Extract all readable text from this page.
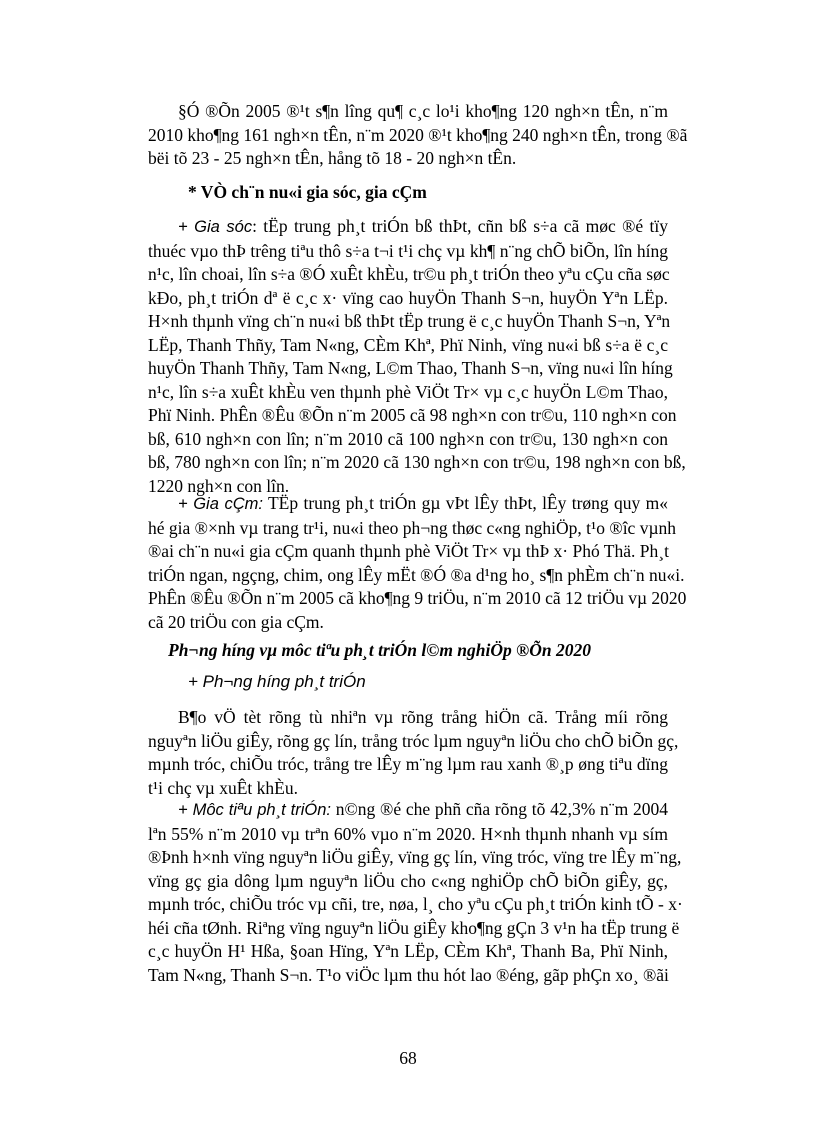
§Ó ®Õn 2005 ®¹t s¶n lîng qu¶ c¸c lo¹i kho¶ng 120 ngh×n tÊn, n¨m
2010 kho¶ng 161 ngh×n tÊn, n¨m 2020 ®¹t kho¶ng 240 ngh×n tÊn, trong ®ã
bëi tõ 23 - 25 ngh×n tÊn, hång tõ 18 - 20 ngh×n tÊn.

* VÒ ch¨n nu«i gia sóc, gia cÇm

+ Gia sóc: tËp trung ph¸t triÓn bß thÞt, cñn bß s÷a cã møc ®é tïy
thuéc vµo thÞ trêng tiªu thô s÷a t¬i t¹i chç vµ kh¶ n¨ng chÕ biÕn, lîn híng
n¹c, lîn choai, lîn s÷a ®Ó xuÊt khÈu, tr©u ph¸t triÓn theo yªu cÇu cña søc
kÐo, ph¸t triÓn dª ë c¸c x· vïng cao huyÖn Thanh S¬n, huyÖn Yªn LËp.
H×nh thµnh vïng ch¨n nu«i bß thÞt tËp trung ë c¸c huyÖn Thanh S¬n, Yªn
LËp, Thanh Thñy, Tam N«ng, CÈm Khª, Phï Ninh, vïng nu«i bß s÷a ë c¸c
huyÖn Thanh Thñy, Tam N«ng, L©m Thao, Thanh S¬n, vïng nu«i lîn híng
n¹c, lîn s÷a xuÊt khÈu ven thµnh phè ViÖt Tr× vµ c¸c huyÖn L©m Thao,
Phï Ninh. PhÊn ®Êu ®Õn n¨m 2005 cã 98 ngh×n con tr©u, 110 ngh×n con
bß, 610 ngh×n con lîn; n¨m 2010 cã 100 ngh×n con tr©u, 130 ngh×n con
bß, 780 ngh×n con lîn; n¨m 2020 cã 130 ngh×n con tr©u, 198 ngh×n con bß,
1220 ngh×n con lîn.

+ Gia cÇm: TËp trung ph¸t triÓn gµ vÞt lÊy thÞt, lÊy trøng quy m«
hé gia ®×nh vµ trang tr¹i, nu«i theo ph¬ng thøc c«ng nghiÖp, t¹o ®îc vµnh
®ai ch¨n nu«i gia cÇm quanh thµnh phè ViÖt Tr× vµ thÞ x· Phó Thä. Ph¸t
triÓn ngan, ngçng, chim, ong lÊy mËt ®Ó ®a d¹ng ho¸ s¶n phÈm ch¨n nu«i.
PhÊn ®Êu ®Õn n¨m 2005 cã kho¶ng 9 triÖu, n¨m 2010 cã 12 triÖu vµ 2020
cã 20 triÖu con gia cÇm.

Ph¬ng híng vµ môc tiªu ph¸t triÓn l©m nghiÖp ®Õn 2020

+ Ph¬ng híng ph¸t triÓn

B¶o vÖ tèt rõng tù nhiªn vµ rõng trång hiÖn cã. Trång míi rõng
nguyªn liÖu giÊy, rõng gç lín, trång tróc lµm nguyªn liÖu cho chÕ biÕn gç,
mµnh tróc, chiÕu tróc, trång tre lÊy m¨ng lµm rau xanh ®¸p øng tiªu dïng
t¹i chç vµ xuÊt khÈu.

+ Môc tiªu ph¸t triÓn: n©ng ®é che phñ cña rõng tõ 42,3% n¨m 2004
lªn 55% n¨m 2010 vµ trªn 60% vµo n¨m 2020. H×nh thµnh nhanh vµ sím
®Þnh h×nh vïng nguyªn liÖu giÊy, vïng gç lín, vïng tróc, vïng tre lÊy m¨ng,
vïng gç gia dông lµm nguyªn liÖu cho c«ng nghiÖp chÕ biÕn giÊy, gç,
mµnh tróc, chiÕu tróc vµ cñi, tre, nøa, l¸ cho yªu cÇu ph¸t triÓn kinh tÕ - x·
héi cña tØnh. Riªng vïng nguyªn liÖu giÊy kho¶ng gÇn 3 v¹n ha tËp trung ë
c¸c huyÖn H¹ Hßa, §oan Hïng, Yªn LËp, CÈm Khª, Thanh Ba, Phï Ninh,
Tam N«ng, Thanh S¬n. T¹o viÖc lµm thu hót lao ®éng, gãp phÇn xo¸ ®ãi

68
